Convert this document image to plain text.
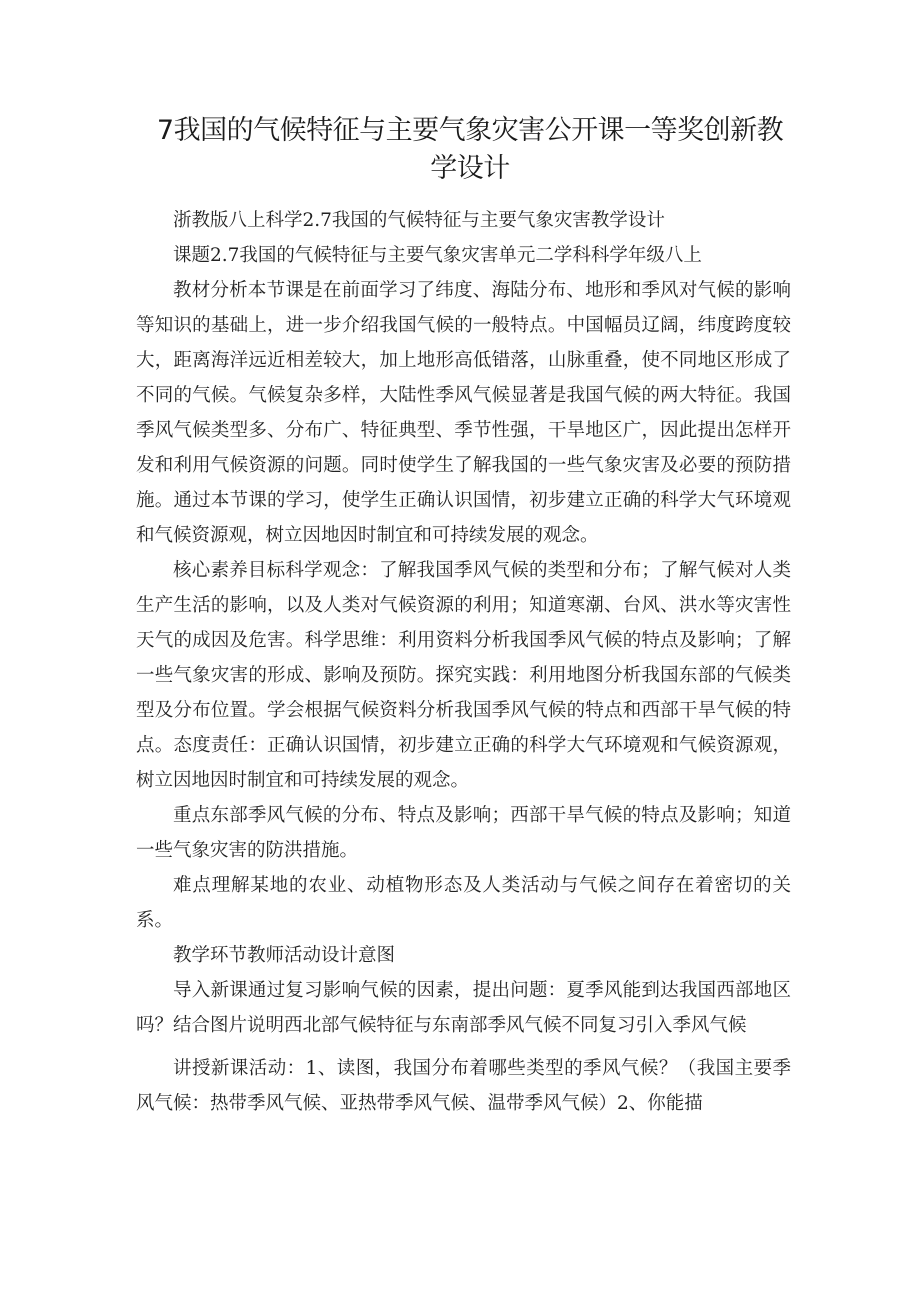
7我国的气候特征与主要气象灾害公开课一等奖创新教学设计

浙教版八上科学2.7我国的气候特征与主要气象灾害教学设计

课题2.7我国的气候特征与主要气象灾害单元二学科科学年级八上

教材分析本节课是在前面学习了纬度、海陆分布、地形和季风对气候的影响等知识的基础上，进一步介绍我国气候的一般特点。中国幅员辽阔，纬度跨度较大，距离海洋远近相差较大，加上地形高低错落，山脉重叠，使不同地区形成了不同的气候。气候复杂多样，大陆性季风气候显著是我国气候的两大特征。我国季风气候类型多、分布广、特征典型、季节性强，干旱地区广，因此提出怎样开发和利用气候资源的问题。同时使学生了解我国的一些气象灾害及必要的预防措施。通过本节课的学习，使学生正确认识国情，初步建立正确的科学大气环境观和气候资源观，树立因地因时制宜和可持续发展的观念。

核心素养目标科学观念：了解我国季风气候的类型和分布；了解气候对人类生产生活的影响，以及人类对气候资源的利用；知道寒潮、台风、洪水等灾害性天气的成因及危害。科学思维：利用资料分析我国季风气候的特点及影响；了解一些气象灾害的形成、影响及预防。探究实践：利用地图分析我国东部的气候类型及分布位置。学会根据气候资料分析我国季风气候的特点和西部干旱气候的特点。态度责任：正确认识国情，初步建立正确的科学大气环境观和气候资源观，树立因地因时制宜和可持续发展的观念。

重点东部季风气候的分布、特点及影响；西部干旱气候的特点及影响；知道一些气象灾害的防洪措施。

难点理解某地的农业、动植物形态及人类活动与气候之间存在着密切的关系。

教学环节教师活动设计意图

导入新课通过复习影响气候的因素，提出问题：夏季风能到达我国西部地区吗？结合图片说明西北部气候特征与东南部季风气候不同复习引入季风气候

讲授新课活动：1、读图，我国分布着哪些类型的季风气候？（我国主要季风气候：热带季风气候、亚热带季风气候、温带季风气候）2、你能描
